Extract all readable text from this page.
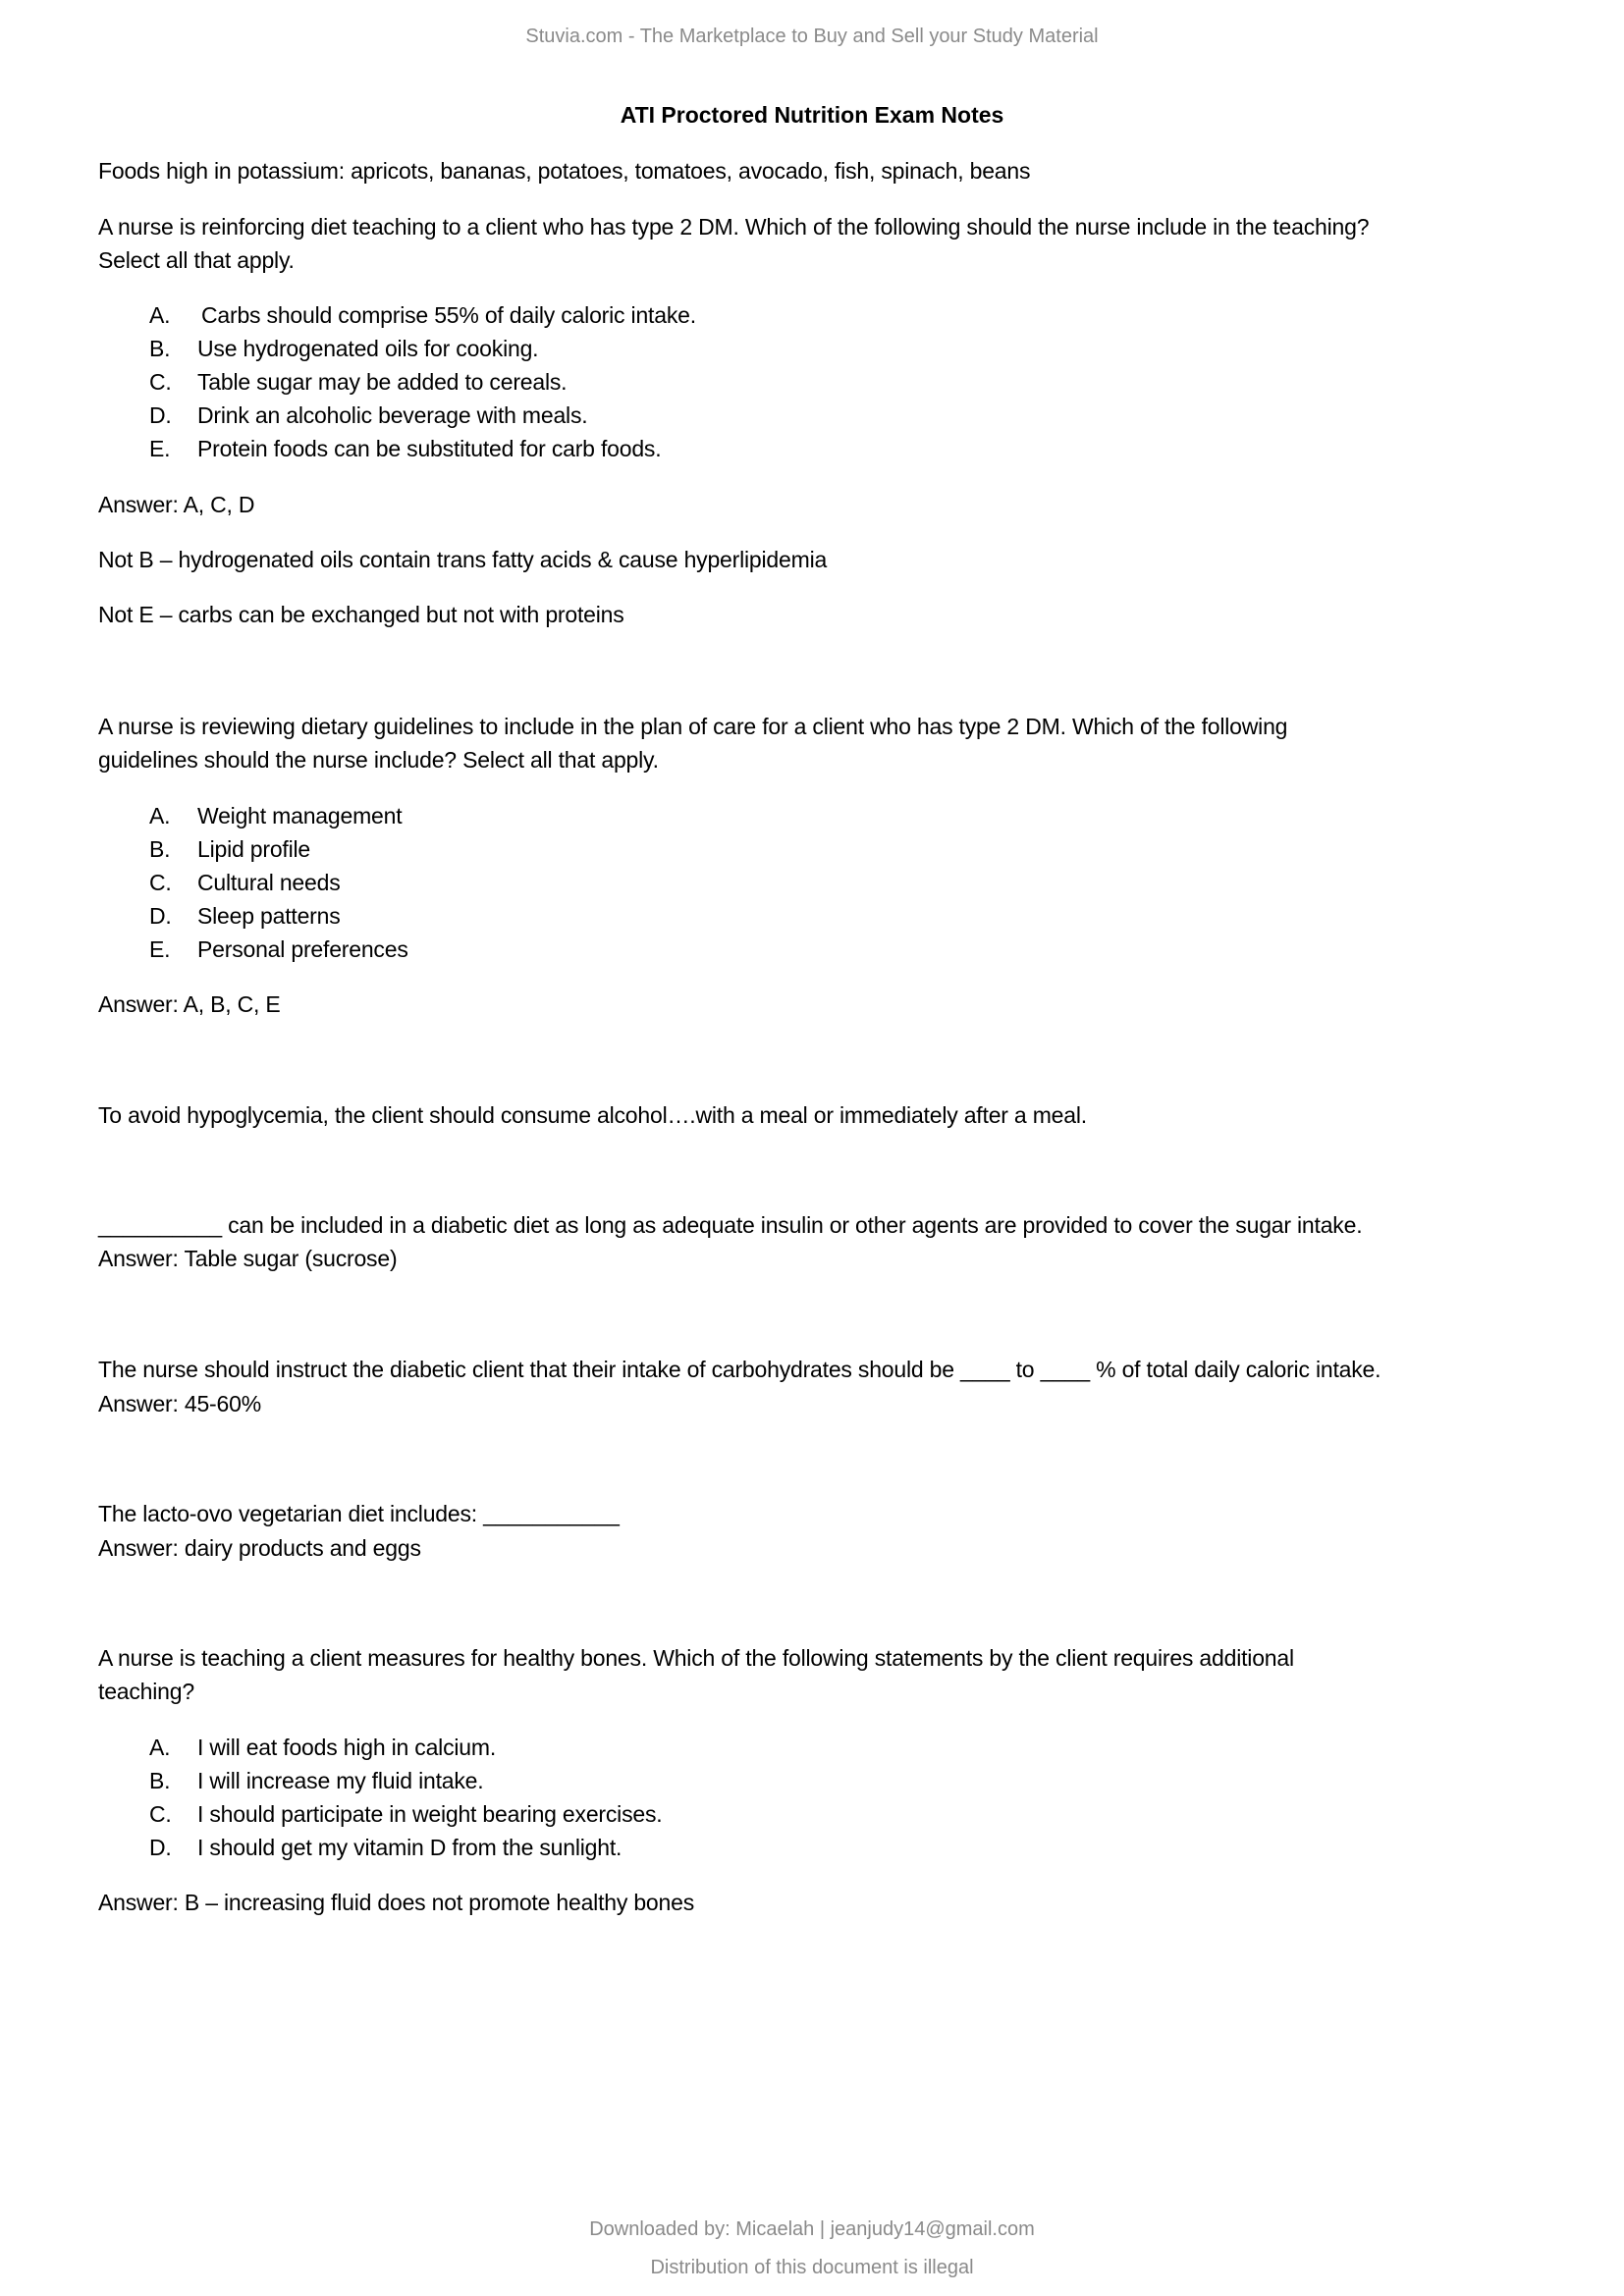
Stuvia.com - The Marketplace to Buy and Sell your Study Material
ATI Proctored Nutrition Exam Notes
Foods high in potassium: apricots, bananas, potatoes, tomatoes, avocado, fish, spinach, beans
A nurse is reinforcing diet teaching to a client who has type 2 DM. Which of the following should the nurse include in the teaching?
Select all that apply.
A. Carbs should comprise 55% of daily caloric intake.
B. Use hydrogenated oils for cooking.
C. Table sugar may be added to cereals.
D. Drink an alcoholic beverage with meals.
E. Protein foods can be substituted for carb foods.
Answer: A, C, D
Not B – hydrogenated oils contain trans fatty acids & cause hyperlipidemia
Not E – carbs can be exchanged but not with proteins
A nurse is reviewing dietary guidelines to include in the plan of care for a client who has type 2 DM. Which of the following
guidelines should the nurse include? Select all that apply.
A. Weight management
B. Lipid profile
C. Cultural needs
D. Sleep patterns
E. Personal preferences
Answer: A, B, C, E
To avoid hypoglycemia, the client should consume alcohol….with a meal or immediately after a meal.
__________ can be included in a diabetic diet as long as adequate insulin or other agents are provided to cover the sugar intake.
Answer: Table sugar (sucrose)
The nurse should instruct the diabetic client that their intake of carbohydrates should be ____ to ____ % of total daily caloric intake.
Answer: 45-60%
The lacto-ovo vegetarian diet includes: ___________
Answer: dairy products and eggs
A nurse is teaching a client measures for healthy bones. Which of the following statements by the client requires additional
teaching?
A. I will eat foods high in calcium.
B. I will increase my fluid intake.
C. I should participate in weight bearing exercises.
D. I should get my vitamin D from the sunlight.
Answer: B – increasing fluid does not promote healthy bones
Downloaded by: Micaelah | jeanjudy14@gmail.com
Distribution of this document is illegal
